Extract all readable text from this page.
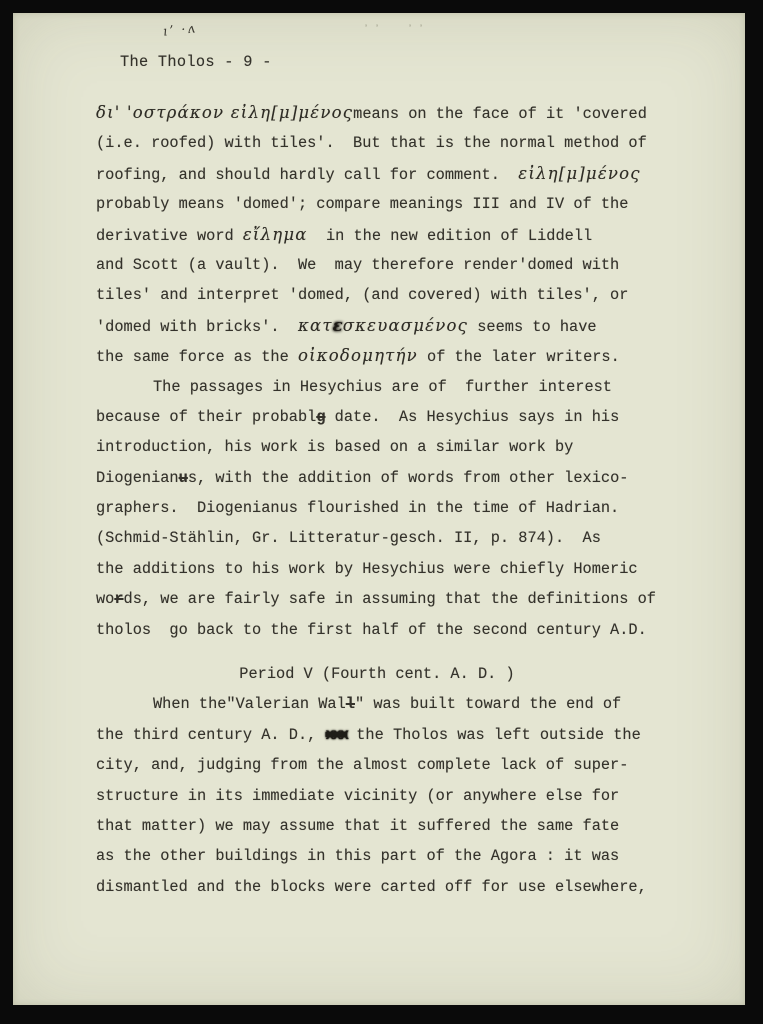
ıʼ ·ʌ	ʼʼ  ʼʼ
The Tholos - 9 -
δι' 'οστράκον εἰλη[μ]μένοςmeans on the face of it 'covered
(i.e. roofed) with tiles'.  But that is the normal method of
roofing, and should hardly call for comment.  εἰλη[μ]μένος
probably means 'domed'; compare meanings III and IV of the
derivative word εἴλημα  in the new edition of Liddell
and Scott (a vault).  We  may therefore render'domed with
tiles' and interpret 'domed, (and covered) with tiles', or
'domed with bricks'.  κατεσκευασμένος seems to have
the same force as the οἰκοδομητήν of the later writers.
The passages in Hesychius are of  further interest
because of their probablg date.  As Hesychius says in his
introduction, his work is based on a similar work by
Diogenianus, with the addition of words from other lexico-
graphers.  Diogenianus flourished in the time of Hadrian.
(Schmid-Stählin, Gr. Litteratur-gesch. II, p. 874).  As
the additions to his work by Hesychius were chiefly Homeric
words, we are fairly safe in assuming that the definitions of
tholos  go back to the first half of the second century A.D.
Period V (Fourth cent. A. D. )
When the"Valerian Wall" was built toward the end of
the third century A. D., xxx the Tholos was left outside the
city, and, judging from the almost complete lack of super-
structure in its immediate vicinity (or anywhere else for
that matter) we may assume that it suffered the same fate
as the other buildings in this part of the Agora : it was
dismantled and the blocks were carted off for use elsewhere,
